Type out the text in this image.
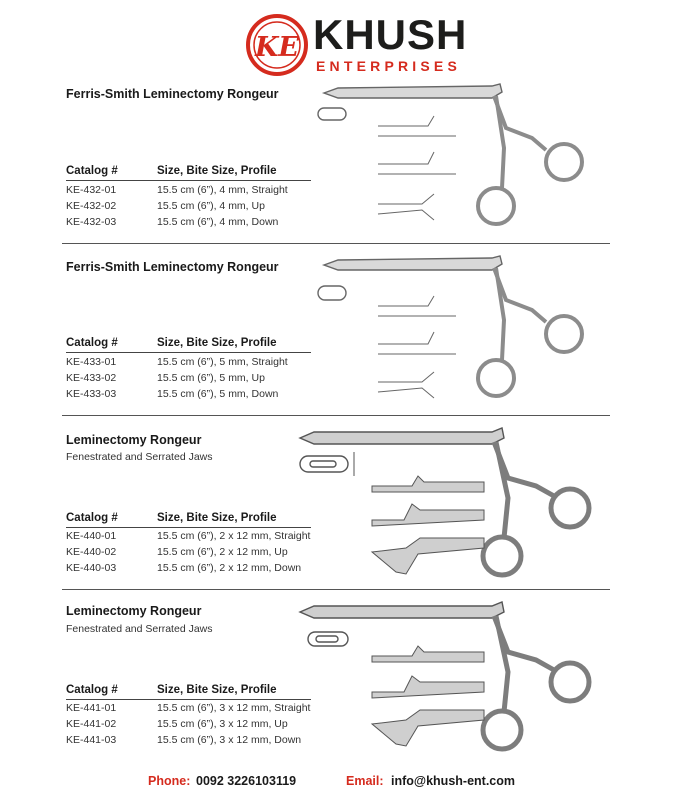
KE KHUSH
ENTERPRISES
Ferris-Smith Leminectomy Rongeur
Catalog #	Size, Bite Size, Profile
KE-432-01	15.5 cm (6”), 4 mm, Straight
KE-432-02	15.5 cm (6”), 4 mm, Up
KE-432-03	15.5 cm (6”), 4 mm, Down
Ferris-Smith Leminectomy Rongeur
Catalog #	Size, Bite Size, Profile
KE-433-01	15.5 cm (6”), 5 mm, Straight
KE-433-02	15.5 cm (6”), 5 mm, Up
KE-433-03	15.5 cm (6”), 5 mm, Down
Leminectomy Rongeur
Fenestrated and Serrated Jaws
Catalog #	Size, Bite Size, Profile
KE-440-01	15.5 cm (6”), 2 x 12 mm, Straight
KE-440-02	15.5 cm (6”), 2 x 12 mm, Up
KE-440-03	15.5 cm (6”), 2 x 12 mm, Down
Leminectomy Rongeur
Fenestrated and Serrated Jaws
Catalog #	Size, Bite Size, Profile
KE-441-01	15.5 cm (6”), 3 x 12 mm, Straight
KE-441-02	15.5 cm (6”), 3 x 12 mm, Up
KE-441-03	15.5 cm (6”), 3 x 12 mm, Down
Phone: 0092 3226103119	Email: info@khush-ent.com
